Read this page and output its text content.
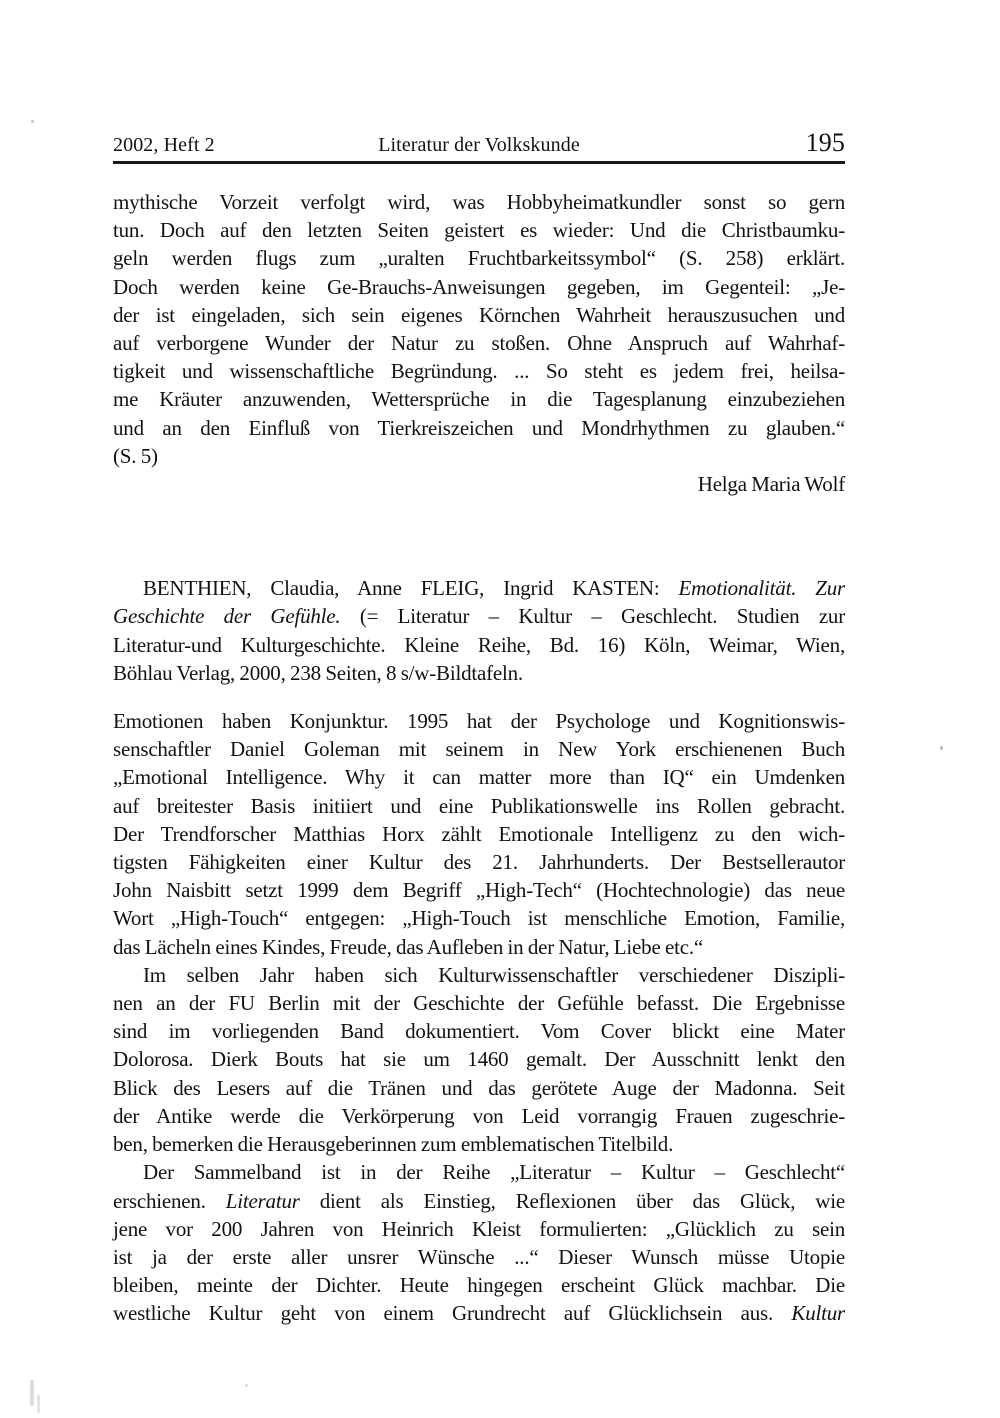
2002, Heft 2	Literatur der Volkskunde	195
mythische Vorzeit verfolgt wird, was Hobbyheimatkundler sonst so gern
tun. Doch auf den letzten Seiten geistert es wieder: Und die Christbaumku-
geln werden flugs zum „uralten Fruchtbarkeitssymbol“ (S. 258) erklärt.
Doch werden keine Ge-Brauchs-Anweisungen gegeben, im Gegenteil: „Je-
der ist eingeladen, sich sein eigenes Körnchen Wahrheit herauszusuchen und
auf verborgene Wunder der Natur zu stoßen. Ohne Anspruch auf Wahrhaf-
tigkeit und wissenschaftliche Begründung. ... So steht es jedem frei, heilsa-
me Kräuter anzuwenden, Wettersprüche in die Tagesplanung einzubeziehen
und an den Einfluß von Tierkreiszeichen und Mondrhythmen zu glauben.“
(S. 5)
Helga Maria Wolf
BENTHIEN, Claudia, Anne FLEIG, Ingrid KASTEN: Emotionalität. Zur
Geschichte der Gefühle. (= Literatur – Kultur – Geschlecht. Studien zur
Literatur-und Kulturgeschichte. Kleine Reihe, Bd. 16) Köln, Weimar, Wien,
Böhlau Verlag, 2000, 238 Seiten, 8 s/w-Bildtafeln.
Emotionen haben Konjunktur. 1995 hat der Psychologe und Kognitionswis-
senschaftler Daniel Goleman mit seinem in New York erschienenen Buch
„Emotional Intelligence. Why it can matter more than IQ“ ein Umdenken
auf breitester Basis initiiert und eine Publikationswelle ins Rollen gebracht.
Der Trendforscher Matthias Horx zählt Emotionale Intelligenz zu den wich-
tigsten Fähigkeiten einer Kultur des 21. Jahrhunderts. Der Bestsellerautor
John Naisbitt setzt 1999 dem Begriff „High-Tech“ (Hochtechnologie) das neue
Wort „High-Touch“ entgegen: „High-Touch ist menschliche Emotion, Familie,
das Lächeln eines Kindes, Freude, das Aufleben in der Natur, Liebe etc.“
Im selben Jahr haben sich Kulturwissenschaftler verschiedener Diszipli-
nen an der FU Berlin mit der Geschichte der Gefühle befasst. Die Ergebnisse
sind im vorliegenden Band dokumentiert. Vom Cover blickt eine Mater
Dolorosa. Dierk Bouts hat sie um 1460 gemalt. Der Ausschnitt lenkt den
Blick des Lesers auf die Tränen und das gerötete Auge der Madonna. Seit
der Antike werde die Verkörperung von Leid vorrangig Frauen zugeschrie-
ben, bemerken die Herausgeberinnen zum emblematischen Titelbild.
Der Sammelband ist in der Reihe „Literatur – Kultur – Geschlecht“
erschienen. Literatur dient als Einstieg, Reflexionen über das Glück, wie
jene vor 200 Jahren von Heinrich Kleist formulierten: „Glücklich zu sein
ist ja der erste aller unsrer Wünsche ...“ Dieser Wunsch müsse Utopie
bleiben, meinte der Dichter. Heute hingegen erscheint Glück machbar. Die
westliche Kultur geht von einem Grundrecht auf Glücklichsein aus. Kultur
